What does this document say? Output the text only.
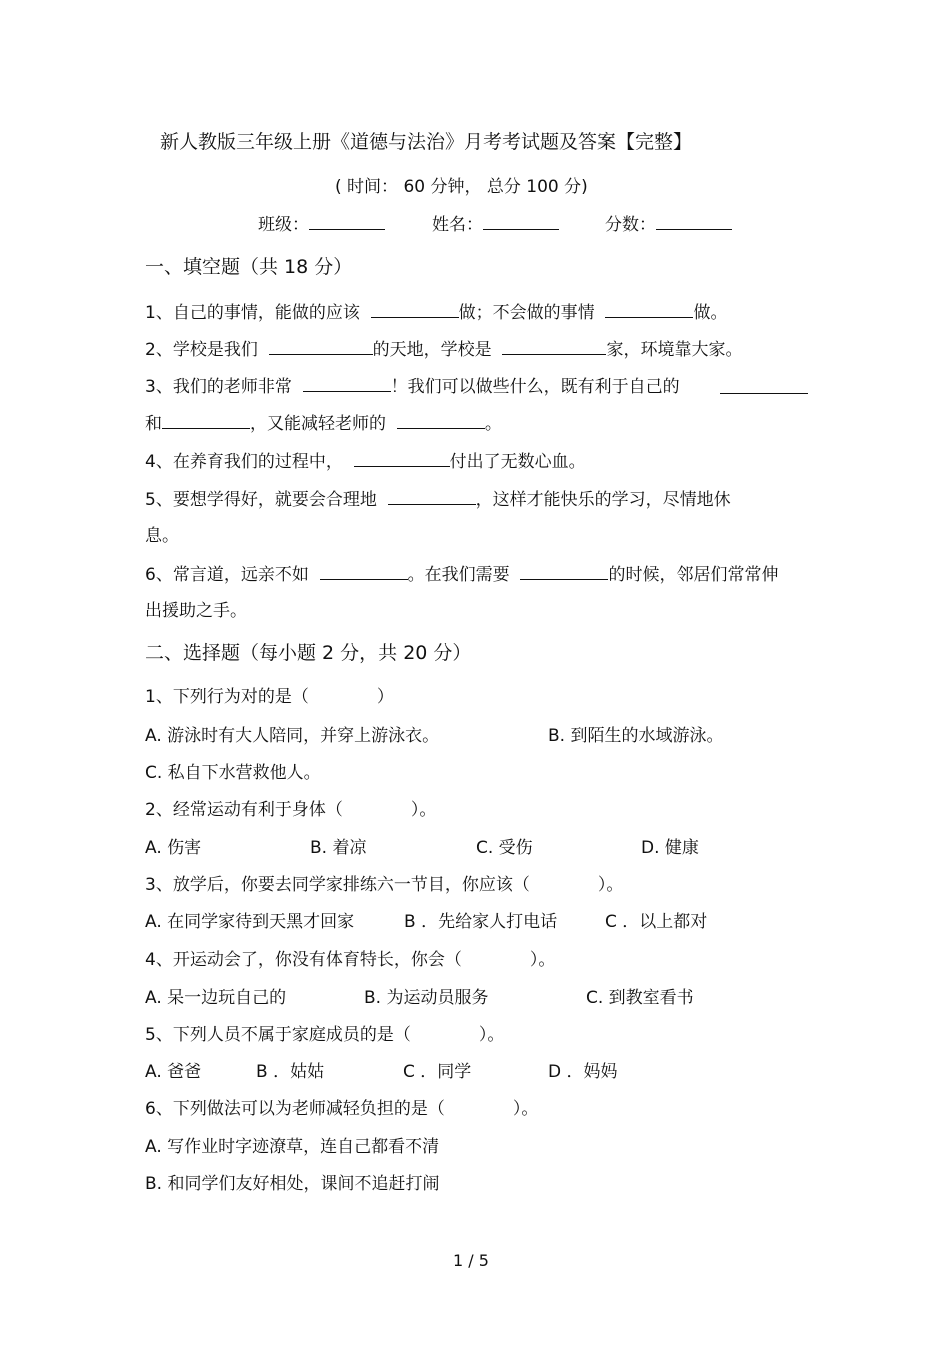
新人教版三年级上册《道德与法治》月考考试题及答案【完整】
( 时间： 60 分钟， 总分 100 分)
班级：	姓名：	分数：
一、填空题（共 18 分）
1、自己的事情，能做的应该	做；不会做的事情	做。
2、学校是我们	的天地，学校是	家，环境靠大家。
3、我们的老师非常	！我们可以做些什么，既有利于自己的
和	，又能减轻老师的	。
4、在养育我们的过程中，	付出了无数心血。
5、要想学得好，就要会合理地	，这样才能快乐的学习，尽情地休
息。
6、常言道，远亲不如	。在我们需要	的时候，邻居们常常伸
出援助之手。
二、选择题（每小题 2 分，共 20 分）
1、下列行为对的是（　　　　）
A. 游泳时有大人陪同，并穿上游泳衣。	B. 到陌生的水域游泳。
C. 私自下水营救他人。
2、经常运动有利于身体（　　　　）。
A. 伤害	B. 着凉	C. 受伤	D. 健康
3、放学后，你要去同学家排练六一节目，你应该（　　　　）。
A. 在同学家待到天黑才回家	B ．先给家人打电话	C ．以上都对
4、开运动会了，你没有体育特长，你会（　　　　）。
A. 呆一边玩自己的	B. 为运动员服务	C. 到教室看书
5、下列人员不属于家庭成员的是（　　　　）。
A. 爸爸	B ．姑姑	C ．同学	D ．妈妈
6、下列做法可以为老师减轻负担的是（　　　　）。
A. 写作业时字迹潦草，连自己都看不清
B. 和同学们友好相处，课间不追赶打闹
1 / 5
